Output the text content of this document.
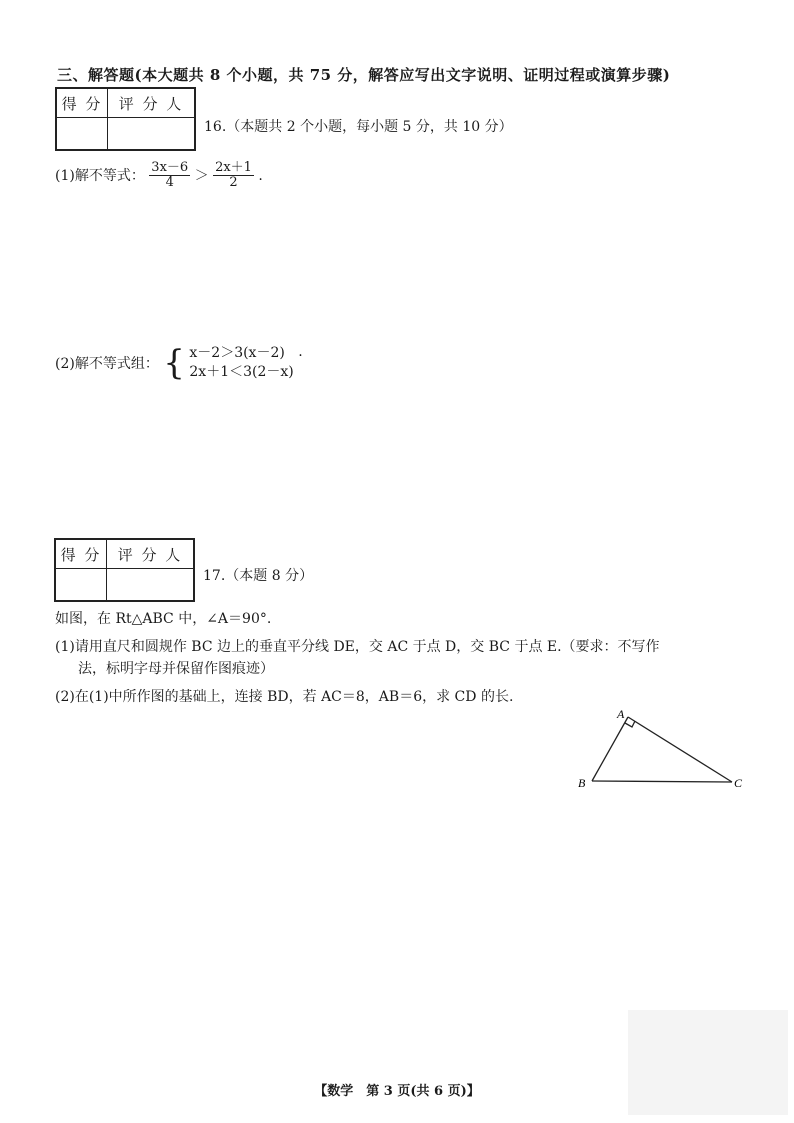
三、解答题(本大题共 8 个小题，共 75 分，解答应写出文字说明、证明过程或演算步骤)
得 分	评 分 人

16.（本题共 2 个小题，每小题 5 分，共 10 分）
(1)解不等式： $\frac{3x-6}{4} > \frac{2x+1}{2}$ .
(2)解不等式组： { x－2＞3(x－2)
2x＋1＜3(2－x)
.
得 分	评 分 人

17.（本题 8 分）
如图，在 Rt△ABC 中，∠A＝90°.
(1)请用直尺和圆规作 BC 边上的垂直平分线 DE，交 AC 于点 D，交 BC 于点 E.（要求：不写作
法，标明字母并保留作图痕迹）
(2)在(1)中所作图的基础上，连接 BD，若 AC＝8，AB＝6，求 CD 的长.
A
B	C
【数学　第 3 页(共 6 页)】
